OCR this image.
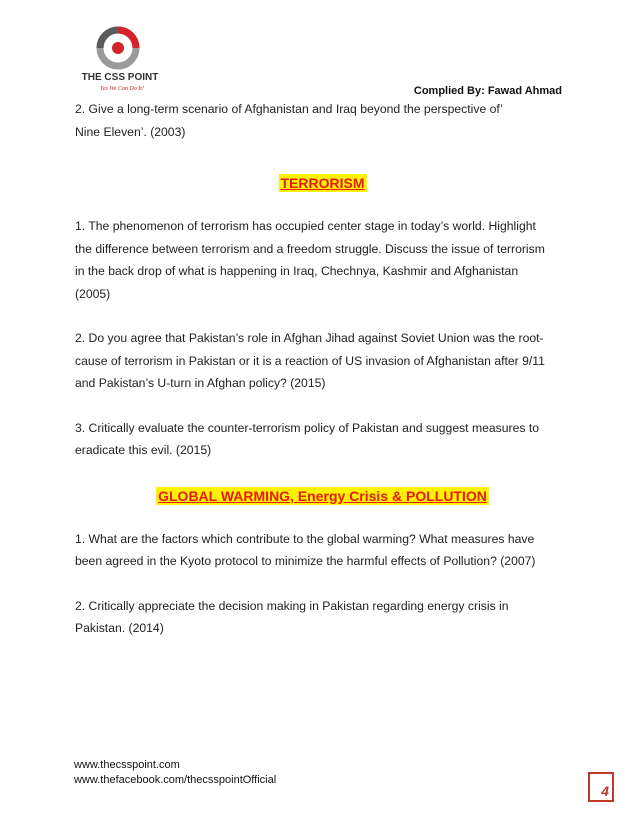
THE CSS POINT
Yes We Can Do It!	Complied By: Fawad Ahmad

2. Give a long-term scenario of Afghanistan and Iraq beyond the perspective of’
Nine Eleven’. (2003)

TERRORISM

1. The phenomenon of terrorism has occupied center stage in today’s world. Highlight
the difference between terrorism and a freedom struggle. Discuss the issue of terrorism
in the back drop of what is happening in Iraq, Chechnya, Kashmir and Afghanistan
(2005)

2. Do you agree that Pakistan’s role in Afghan Jihad against Soviet Union was the root-
cause of terrorism in Pakistan or it is a reaction of US invasion of Afghanistan after 9/11
and Pakistan’s U-turn in Afghan policy? (2015)

3. Critically evaluate the counter-terrorism policy of Pakistan and suggest measures to
eradicate this evil. (2015)

GLOBAL WARMING, Energy Crisis & POLLUTION

1. What are the factors which contribute to the global warming? What measures have
been agreed in the Kyoto protocol to minimize the harmful effects of Pollution? (2007)

2. Critically appreciate the decision making in Pakistan regarding energy crisis in
Pakistan. (2014)

www.thecsspoint.com
www.thefacebook.com/thecsspointOfficial
4
